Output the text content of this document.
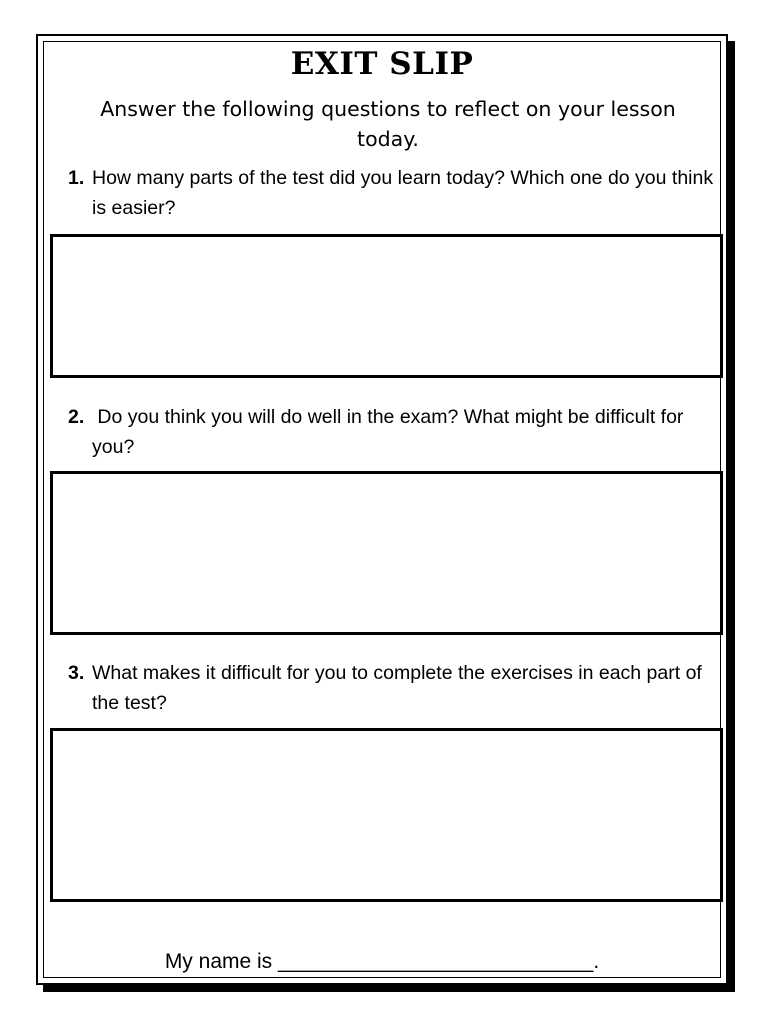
EXIT SLIP

Answer the following questions to reflect on your lesson today.

1. How many parts of the test did you learn today? Which one do you think is easier?

2. Do you think you will do well in the exam? What might be difficult for you?

3. What makes it difficult for you to complete the exercises in each part of the test?

My name is ___________________________.
